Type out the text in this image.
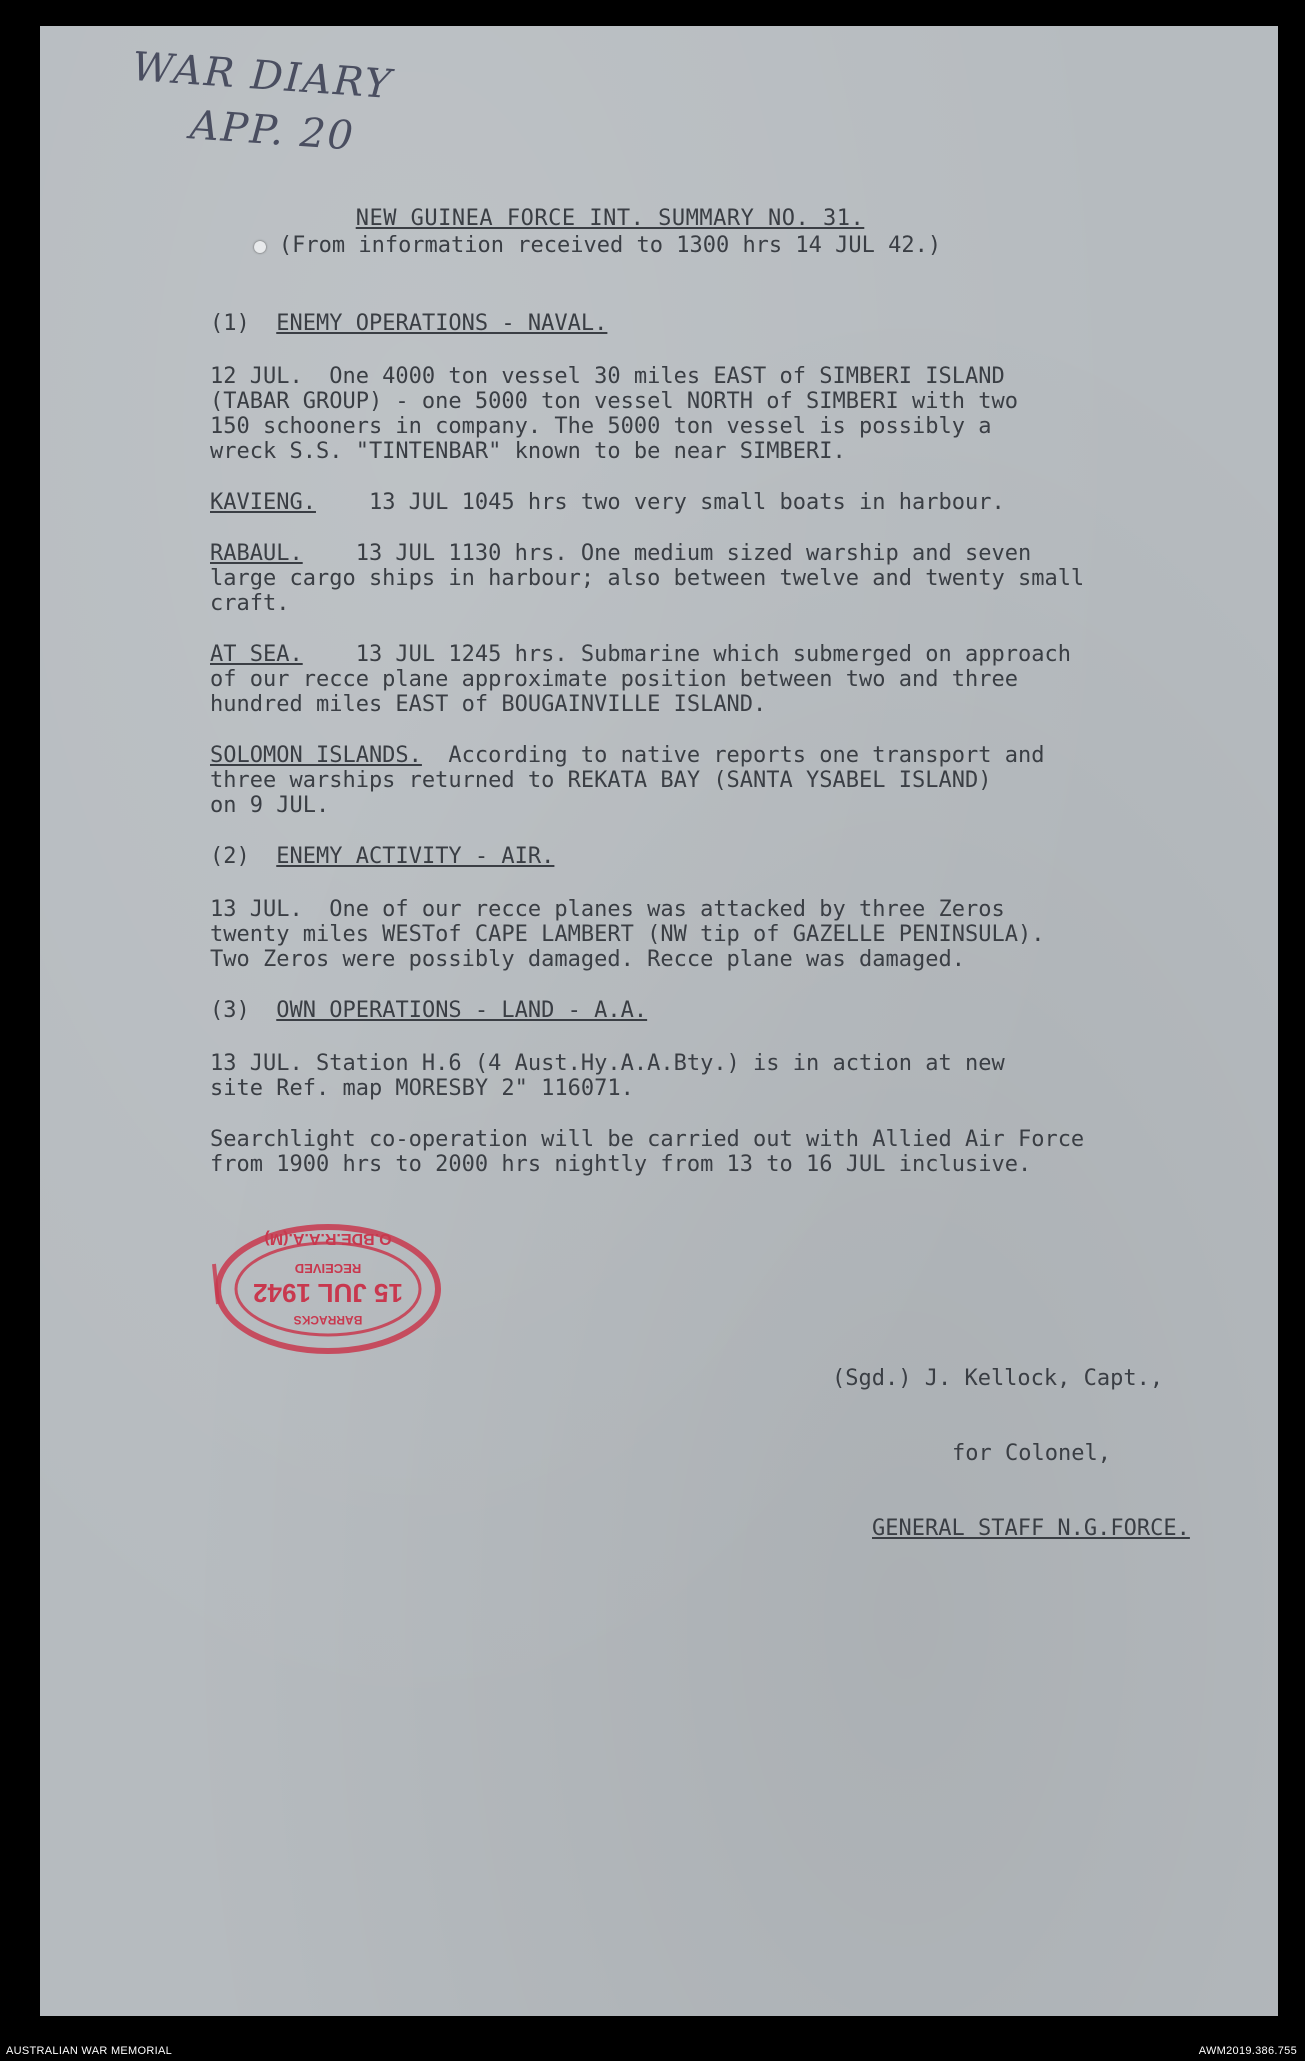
WAR DIARY
APP. 20
NEW GUINEA FORCE INT. SUMMARY NO. 31.
(From information received to 1300 hrs 14 JUL 42.)
(1) ENEMY OPERATIONS - NAVAL.
12 JUL.  One 4000 ton vessel 30 miles EAST of SIMBERI ISLAND
(TABAR GROUP) - one 5000 ton vessel NORTH of SIMBERI with two
150 schooners in company. The 5000 ton vessel is possibly a
wreck S.S. "TINTENBAR" known to be near SIMBERI.
KAVIENG.    13 JUL 1045 hrs two very small boats in harbour.
RABAUL.    13 JUL 1130 hrs. One medium sized warship and seven
large cargo ships in harbour; also between twelve and twenty small
craft.
AT SEA.    13 JUL 1245 hrs. Submarine which submerged on approach
of our recce plane approximate position between two and three
hundred miles EAST of BOUGAINVILLE ISLAND.
SOLOMON ISLANDS.  According to native reports one transport and
three warships returned to REKATA BAY (SANTA YSABEL ISLAND)
on 9 JUL.
(2) ENEMY ACTIVITY - AIR.
13 JUL.  One of our recce planes was attacked by three Zeros
twenty miles WESTof CAPE LAMBERT (NW tip of GAZELLE PENINSULA).
Two Zeros were possibly damaged. Recce plane was damaged.
(3) OWN OPERATIONS - LAND - A.A.
13 JUL. Station H.6 (4 Aust.Hy.A.A.Bty.) is in action at new
site Ref. map MORESBY 2" 116071.
Searchlight co-operation will be carried out with Allied Air Force
from 1900 hrs to 2000 hrs nightly from 13 to 16 JUL inclusive.

(Sgd.) J. Kellock, Capt.,

for Colonel,

GENERAL STAFF N.G.FORCE.

BARRACKS
15 JUL 1942
RECEIVED
O.BDE.R.A.A.(M)
AUSTRALIAN WAR MEMORIAL	AWM2019.386.755
